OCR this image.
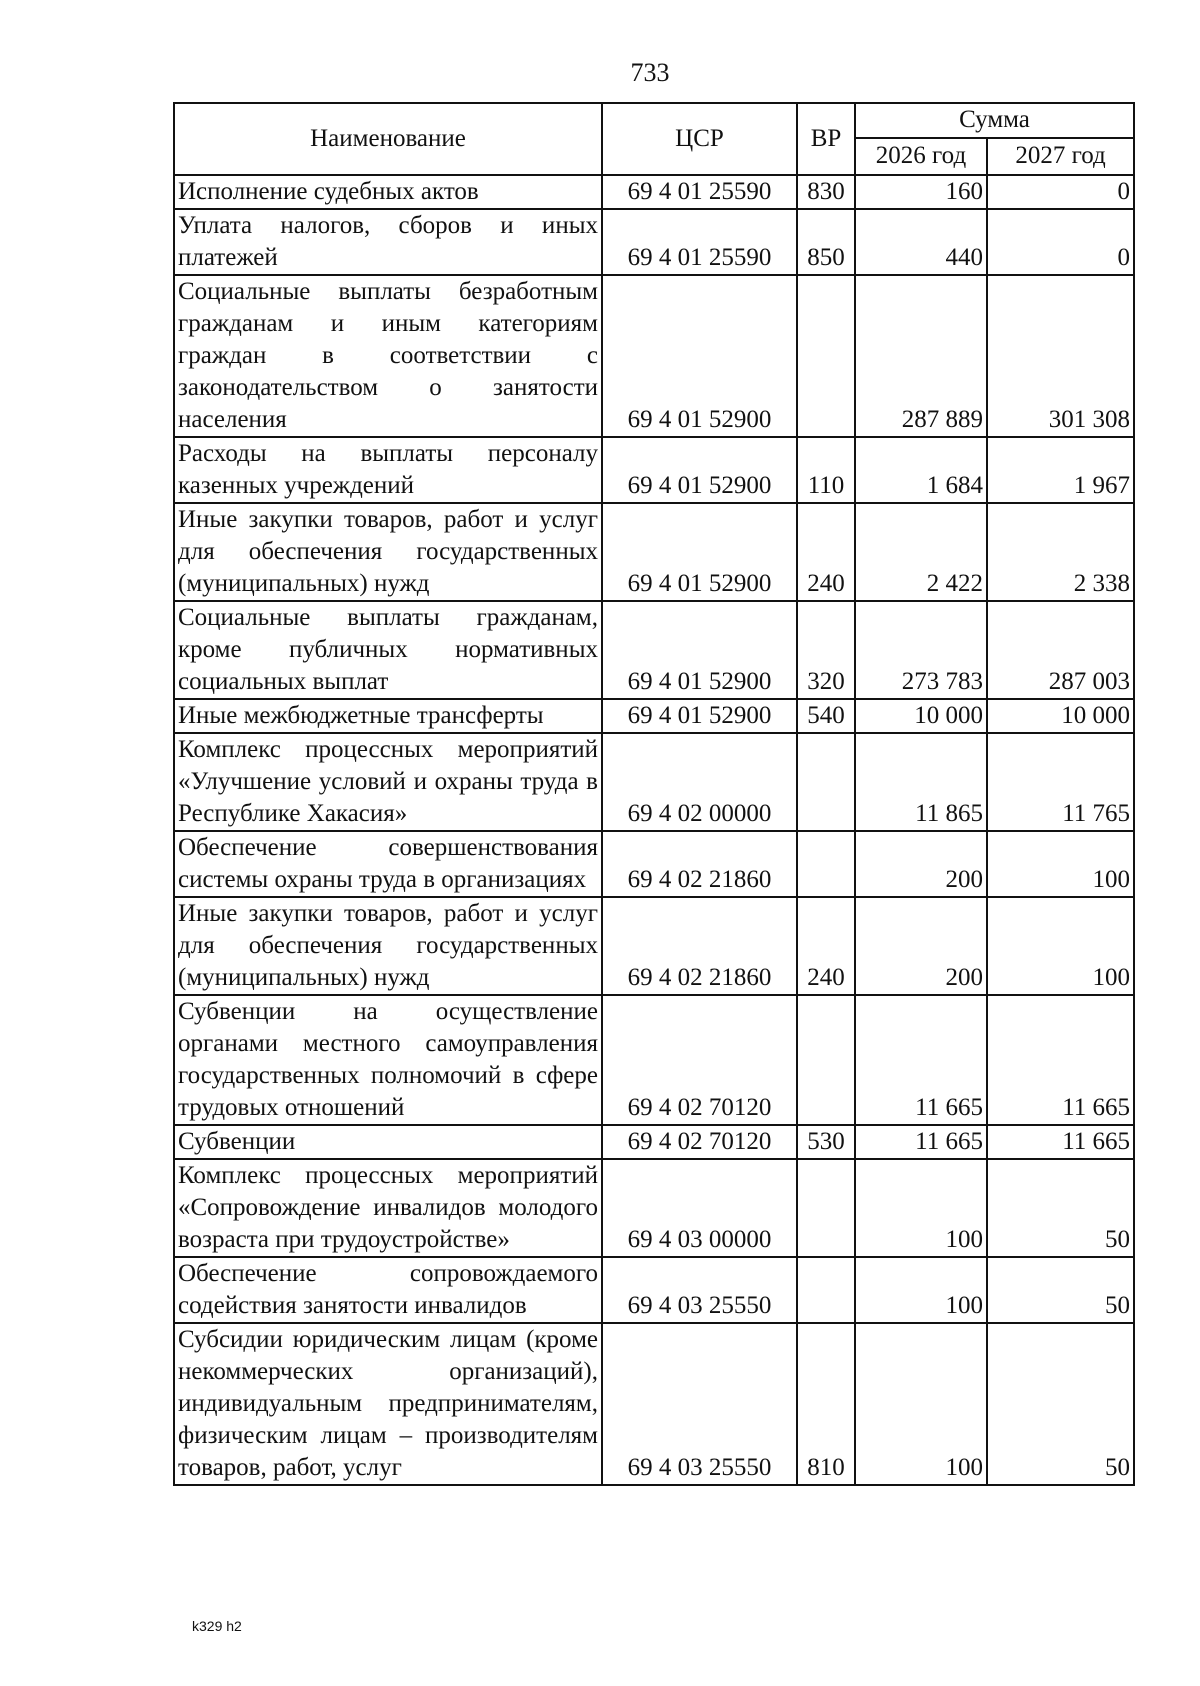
733
Наименование	ЦСР	ВР	Сумма	
			2026 год	2027 год
Исполнение судебных актов	69 4 01 25590	830	160	0
Уплата налогов, сборов и иных платежей	69 4 01 25590	850	440	0
Социальные выплаты безработным гражданам и иным категориям граждан в соответствии с законодательством о занятости населения	69 4 01 52900		287 889	301 308
Расходы на выплаты персоналу казенных учреждений	69 4 01 52900	110	1 684	1 967
Иные закупки товаров, работ и услуг для обеспечения государственных (муниципальных) нужд	69 4 01 52900	240	2 422	2 338
Социальные выплаты гражданам, кроме публичных нормативных социальных выплат	69 4 01 52900	320	273 783	287 003
Иные межбюджетные трансферты	69 4 01 52900	540	10 000	10 000
Комплекс процессных мероприятий «Улучшение условий и охраны труда в Республике Хакасия»	69 4 02 00000		11 865	11 765
Обеспечение совершенствования системы охраны труда в организациях	69 4 02 21860		200	100
Иные закупки товаров, работ и услуг для обеспечения государственных (муниципальных) нужд	69 4 02 21860	240	200	100
Субвенции на осуществление органами местного самоуправления государственных полномочий в сфере трудовых отношений	69 4 02 70120		11 665	11 665
Субвенции	69 4 02 70120	530	11 665	11 665
Комплекс процессных мероприятий «Сопровождение инвалидов молодого возраста при трудоустройстве»	69 4 03 00000		100	50
Обеспечение сопровождаемого содействия занятости инвалидов	69 4 03 25550		100	50
Субсидии юридическим лицам (кроме некоммерческих организаций), индивидуальным предпринимателям, физическим лицам – производителям товаров, работ, услуг	69 4 03 25550	810	100	50
k329 h2
